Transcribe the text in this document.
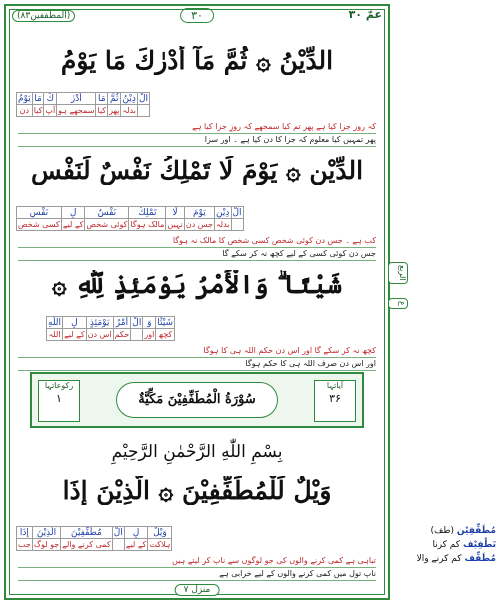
(المطففین۸۳)	۳۰	عمّ ۳۰
الدِّيْنُ ۞ ثُمَّ مَآ أَدْرٰكَ مَا يَوْمُ
الْ	دِيْنُ	ثُمَّ	مَا	أَدْرٰ	كَ	مَا	يَوْمُ
	بدلہ	پھر	کیا	سمجھے ہو	آپ	کیا	دن
کہ روز جزا کیا ہے پھر تم کیا سمجھے کہ روزِ جزا کیا ہے
پھر تمہیں کیا معلوم کہ جزا کا دن کیا ہے ۔ اور سزا
الدِّيْنِ ۞ يَوْمَ لَا تَمْلِكُ نَفْسٌ لِّنَفْسٍ
الْ	دِيْنِ	يَوْمَ	لَا	تَمْلِكُ	نَفْسٌ	لِ	نَفْسٍ
	بدلہ	جس دن	نہیں	مالک ہوگا	کوئی شخص	کے لیے	کسی شخص
کب ہے ۔ جس دن کوئی شخص کسی شخص کا مالک نہ ہوگا
جس دن کوئی کسی کے لیے کچھ نہ کر سکے گا
شَيْئًا ۗ وَالْأَمْرُ يَوْمَئِذٍ لِّلّٰهِ ۞
شَيْئًا	وَ	الْ	أَمْرُ	يَوْمَئِذٍ	لِ	اللّٰهِ
کچھ	اور		حکم	اس دن	کے لیے	اللہ
کچھ نہ کر سکے گا اور اس دن حکم اللہ ہی کا ہوگا
اور اس دن صرف اللہ ہی کا حکم ہوگا
آیاتہا
۳۶
سُوْرَةُ الْمُطَفِّفِيْنَ مَكِّيَّةٌ
رکوعاتہا
۱
بِسْمِ اللّٰهِ الرَّحْمٰنِ الرَّحِيْمِ
وَيْلٌ لِّلْمُطَفِّفِيْنَ ۞ الَّذِيْنَ إِذَا
وَيْلٌ	لِ	الْ	مُطَفِّفِيْنَ	الَّذِيْنَ	إِذَا
ہلاکت	کے لیے		کمی کرنے والے	جو لوگ	جب
تباہی ہے کمی کرنے والوں کی جو لوگوں سے ناپ کر لیتے ہیں
ناپ تول میں کمی کرنے والوں کے لیے خرابی ہے
منزل ۷
الربع
ع
مُطَفِّفِيْن (طف)
تَطْفِيْف کم کرنا
مُطَفِّف کم کرنے والا
